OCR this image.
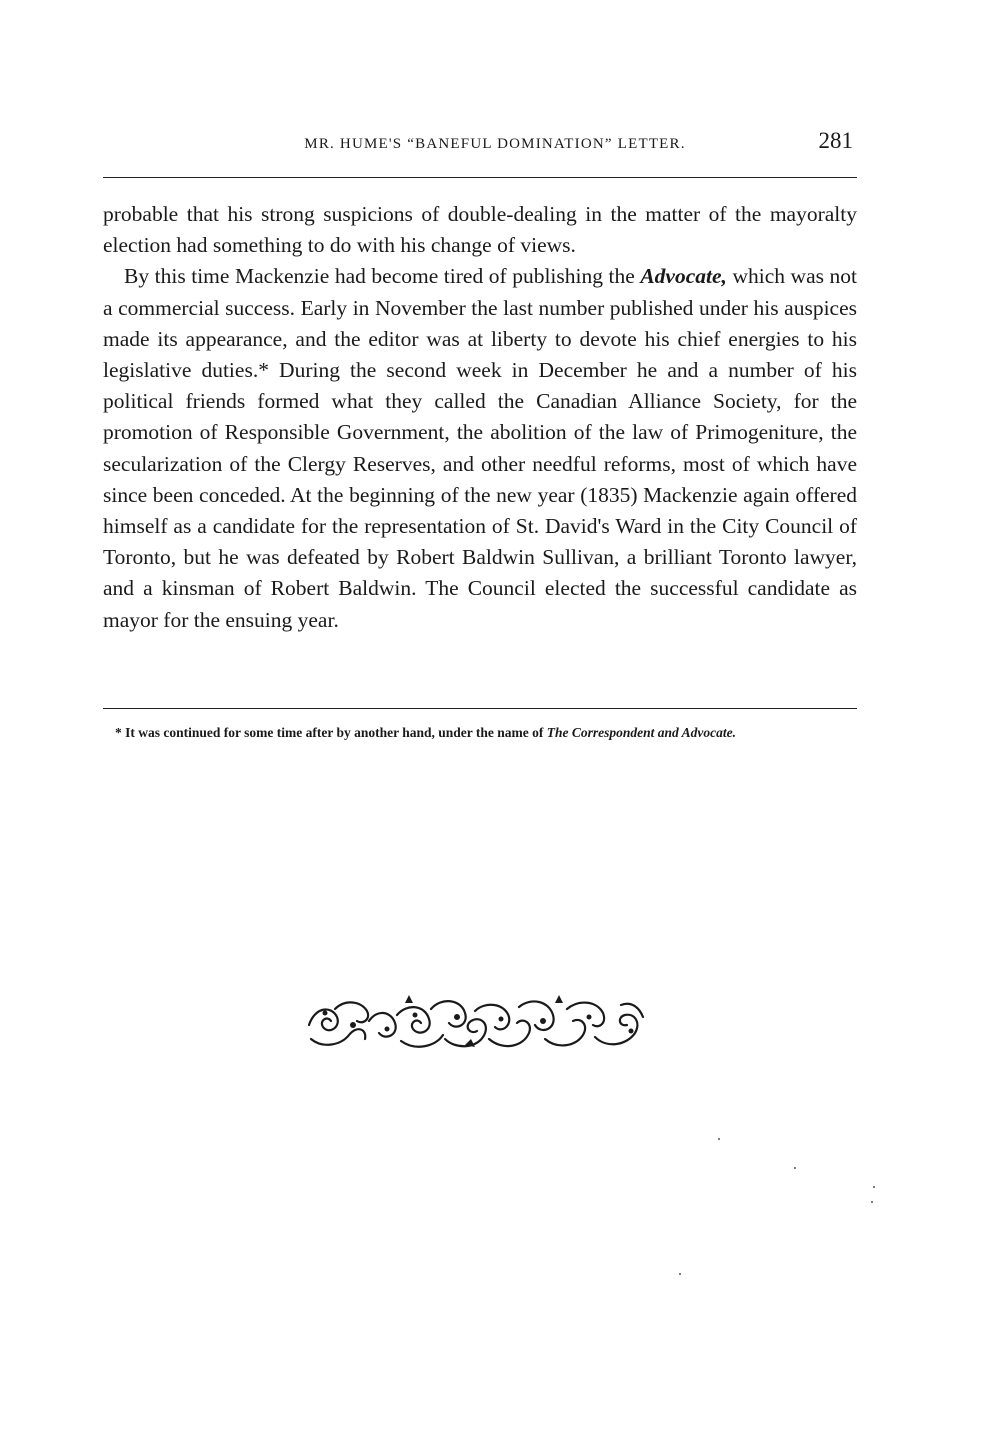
MR. HUME'S “BANEFUL DOMINATION” LETTER.	281

probable that his strong suspicions of double-dealing in the matter of the mayoralty election had something to do with his change of views.

By this time Mackenzie had become tired of publishing the Advocate, which was not a commercial success. Early in November the last number published under his auspices made its appearance, and the editor was at liberty to devote his chief energies to his legislative duties.* During the second week in December he and a number of his political friends formed what they called the Canadian Alliance Society, for the promotion of Responsible Government, the abolition of the law of Primogeniture, the secularization of the Clergy Reserves, and other needful reforms, most of which have since been conceded. At the beginning of the new year (1835) Mackenzie again offered himself as a candidate for the representation of St. David's Ward in the City Council of Toronto, but he was defeated by Robert Baldwin Sullivan, a brilliant Toronto lawyer, and a kinsman of Robert Baldwin. The Council elected the successful candidate as mayor for the ensuing year.

* It was continued for some time after by another hand, under the name of The Correspondent and Advocate.
